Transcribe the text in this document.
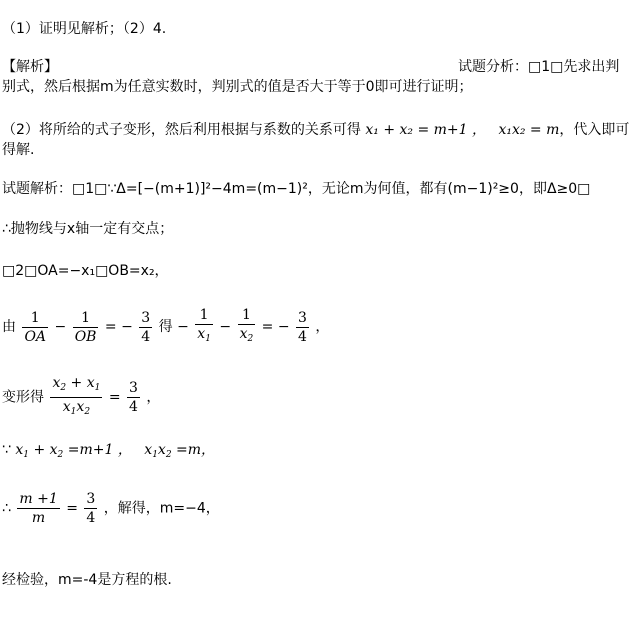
（1）证明见解析；（2）4.
【解析】	试题分析：□1□先求出判
别式，然后根据m为任意实数时，判别式的值是否大于等于0即可进行证明；
（2）将所给的式子变形，然后利用根据与系数的关系可得 x₁ + x₂ = m+1 ， x₁x₂ = m，代入即可
得解.
试题解析：□1□∵Δ=[−(m+1)]²−4m=(m−1)²，无论m为何值，都有(m−1)²≥0，即Δ≥0□
∴抛物线与x轴一定有交点；
□2□OA=−x₁□OB=x₂，
由 $\frac{1}{OA} - \frac{1}{OB}$ = − $\frac{3}{4}$ 得 − $\frac{1}{x_1} - \frac{1}{x_2}$ = − $\frac{3}{4}$ ，
变形得 $\frac{x_2 + x_1}{x_1x_2} = \frac{3}{4}$ ，
∵ $x_1 + x_2 =m+1$ ， $x_1x_2 =m$，
∴ $\frac{m +1}{m} = \frac{3}{4}$ ，解得，m=−4，
经检验，m=-4是方程的根.
